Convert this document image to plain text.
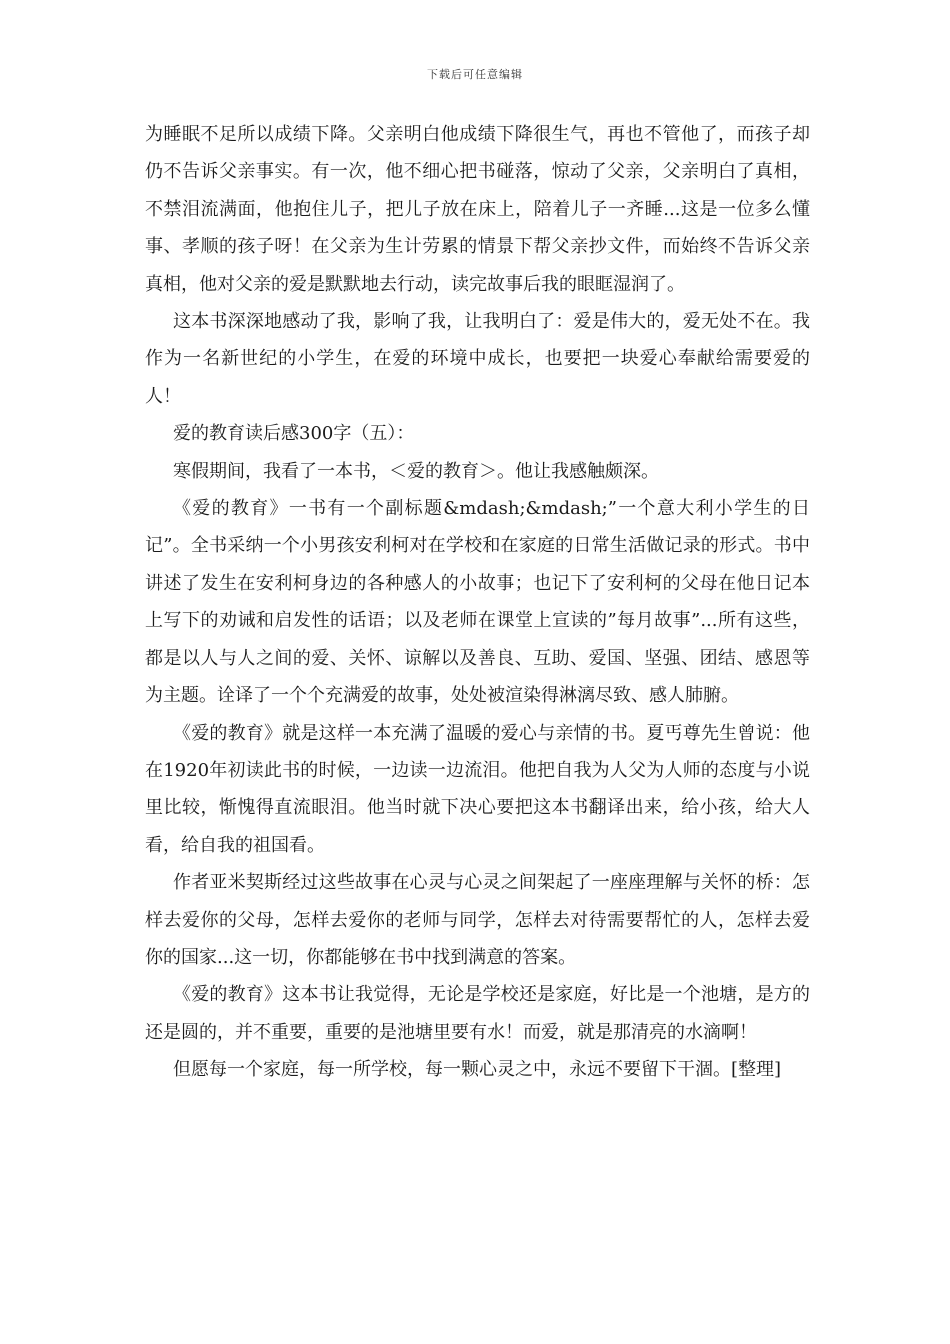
下载后可任意编辑

为睡眠不足所以成绩下降。父亲明白他成绩下降很生气，再也不管他了，而孩子却仍不告诉父亲事实。有一次，他不细心把书碰落，惊动了父亲，父亲明白了真相，不禁泪流满面，他抱住儿子，把儿子放在床上，陪着儿子一齐睡...这是一位多么懂事、孝顺的孩子呀！在父亲为生计劳累的情景下帮父亲抄文件，而始终不告诉父亲真相，他对父亲的爱是默默地去行动，读完故事后我的眼眶湿润了。

这本书深深地感动了我，影响了我，让我明白了：爱是伟大的，爱无处不在。我作为一名新世纪的小学生，在爱的环境中成长，也要把一块爱心奉献给需要爱的人！

爱的教育读后感300字（五）：

寒假期间，我看了一本书，＜爱的教育＞。他让我感触颇深。

《爱的教育》一书有一个副标题&mdash;&mdash;”一个意大利小学生的日记”。全书采纳一个小男孩安利柯对在学校和在家庭的日常生活做记录的形式。书中讲述了发生在安利柯身边的各种感人的小故事；也记下了安利柯的父母在他日记本上写下的劝诫和启发性的话语；以及老师在课堂上宣读的”每月故事”...所有这些，都是以人与人之间的爱、关怀、谅解以及善良、互助、爱国、坚强、团结、感恩等为主题。诠译了一个个充满爱的故事，处处被渲染得淋漓尽致、感人肺腑。

《爱的教育》就是这样一本充满了温暖的爱心与亲情的书。夏丐尊先生曾说：他在1920年初读此书的时候，一边读一边流泪。他把自我为人父为人师的态度与小说里比较，惭愧得直流眼泪。他当时就下决心要把这本书翻译出来，给小孩，给大人看，给自我的祖国看。

作者亚米契斯经过这些故事在心灵与心灵之间架起了一座座理解与关怀的桥：怎样去爱你的父母，怎样去爱你的老师与同学，怎样去对待需要帮忙的人，怎样去爱你的国家...这一切，你都能够在书中找到满意的答案。

《爱的教育》这本书让我觉得，无论是学校还是家庭，好比是一个池塘，是方的还是圆的，并不重要，重要的是池塘里要有水！而爱，就是那清亮的水滴啊！

但愿每一个家庭，每一所学校，每一颗心灵之中，永远不要留下干涸。[整理]
